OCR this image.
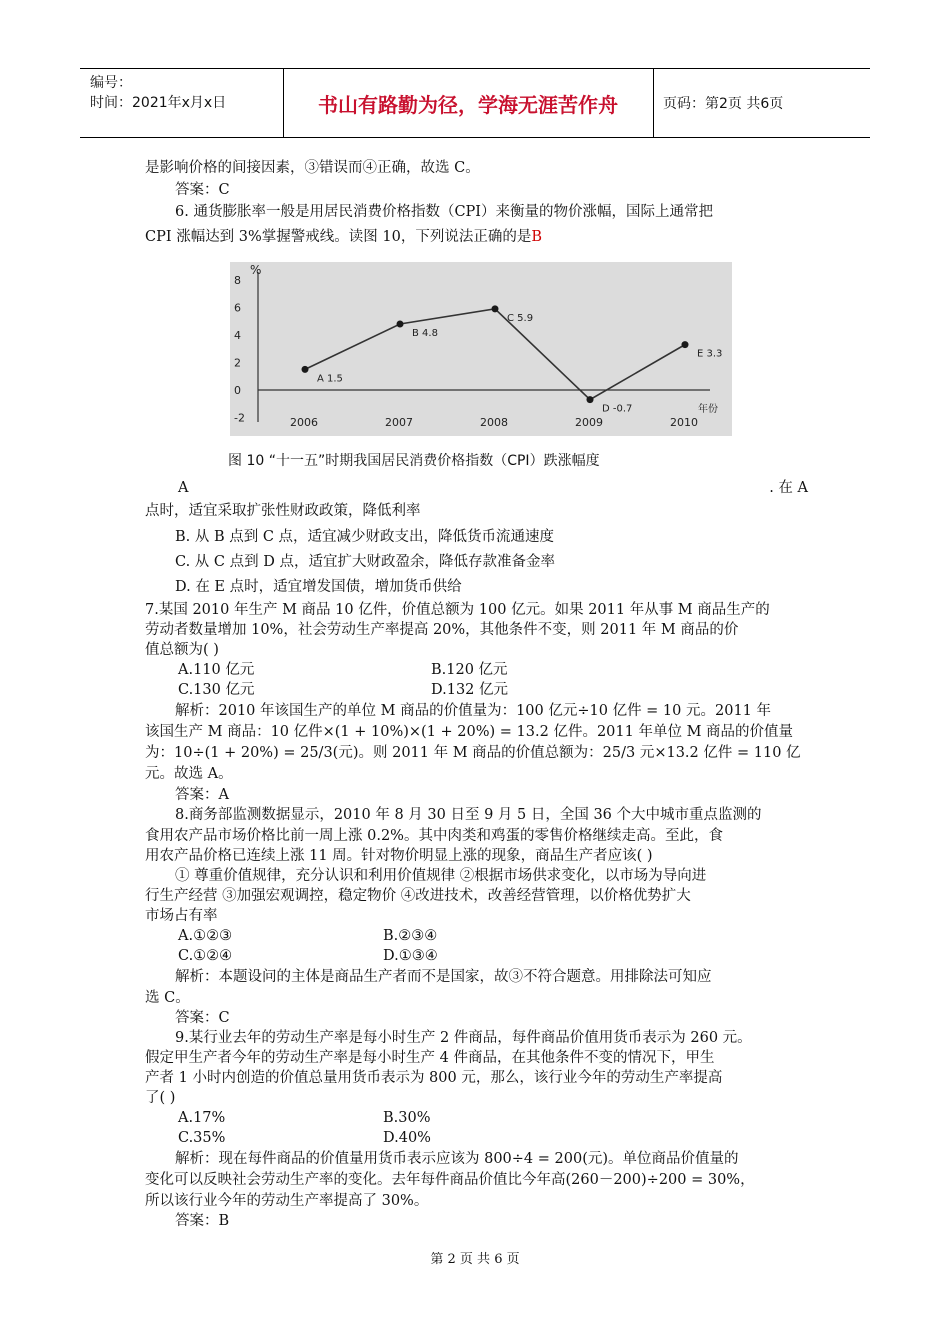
编号：
时间：2021年x月x日	书山有路勤为径，学海无涯苦作舟	页码：第2页 共6页
是影响价格的间接因素，③错误而④正确，故选 C。
答案：C
6. 通货膨胀率一般是用居民消费价格指数（CPI）来衡量的物价涨幅，国际上通常把
CPI 涨幅达到 3%掌握警戒线。读图 10，下列说法正确的是B
%
年份
8
6
4
2
0
-2
A 1.5
B 4.8
C 5.9
D -0.7
E 3.3
2006	2007	2008	2009	2010
图 10 “十一五”时期我国居民消费价格指数（CPI）跌涨幅度
A	. 在 A
点时，适宜采取扩张性财政政策，降低利率
B. 从 B 点到 C 点，适宜减少财政支出，降低货币流通速度
C. 从 C 点到 D 点，适宜扩大财政盈余，降低存款准备金率
D. 在 E 点时，适宜增发国债，增加货币供给
7.某国 2010 年生产 M 商品 10 亿件，价值总额为 100 亿元。如果 2011 年从事 M 商品生产的
劳动者数量增加 10%，社会劳动生产率提高 20%，其他条件不变，则 2011 年 M 商品的价
值总额为( )
A.110 亿元	B.120 亿元
C.130 亿元	D.132 亿元
解析：2010 年该国生产的单位 M 商品的价值量为：100 亿元÷10 亿件 = 10 元。2011 年
该国生产 M 商品：10 亿件×(1 + 10%)×(1 + 20%) = 13.2 亿件。2011 年单位 M 商品的价值量
为：10÷(1 + 20%) = 25/3(元)。则 2011 年 M 商品的价值总额为：25/3 元×13.2 亿件 = 110 亿
元。故选 A。
答案：A
8.商务部监测数据显示，2010 年 8 月 30 日至 9 月 5 日，全国 36 个大中城市重点监测的
食用农产品市场价格比前一周上涨 0.2%。其中肉类和鸡蛋的零售价格继续走高。至此，食
用农产品价格已连续上涨 11 周。针对物价明显上涨的现象，商品生产者应该( )
① 尊重价值规律，充分认识和利用价值规律 ②根据市场供求变化，以市场为导向进
行生产经营 ③加强宏观调控，稳定物价 ④改进技术，改善经营管理，以价格优势扩大
市场占有率
A.①②③	B.②③④
C.①②④	D.①③④
解析：本题设问的主体是商品生产者而不是国家，故③不符合题意。用排除法可知应
选 C。
答案：C
9.某行业去年的劳动生产率是每小时生产 2 件商品，每件商品价值用货币表示为 260 元。
假定甲生产者今年的劳动生产率是每小时生产 4 件商品，在其他条件不变的情况下，甲生
产者 1 小时内创造的价值总量用货币表示为 800 元，那么，该行业今年的劳动生产率提高
了( )
A.17%	B.30%
C.35%	D.40%
解析：现在每件商品的价值量用货币表示应该为 800÷4 = 200(元)。单位商品价值量的
变化可以反映社会劳动生产率的变化。去年每件商品价值比今年高(260－200)÷200 = 30%，
所以该行业今年的劳动生产率提高了 30%。
答案：B
第 2 页 共 6 页
